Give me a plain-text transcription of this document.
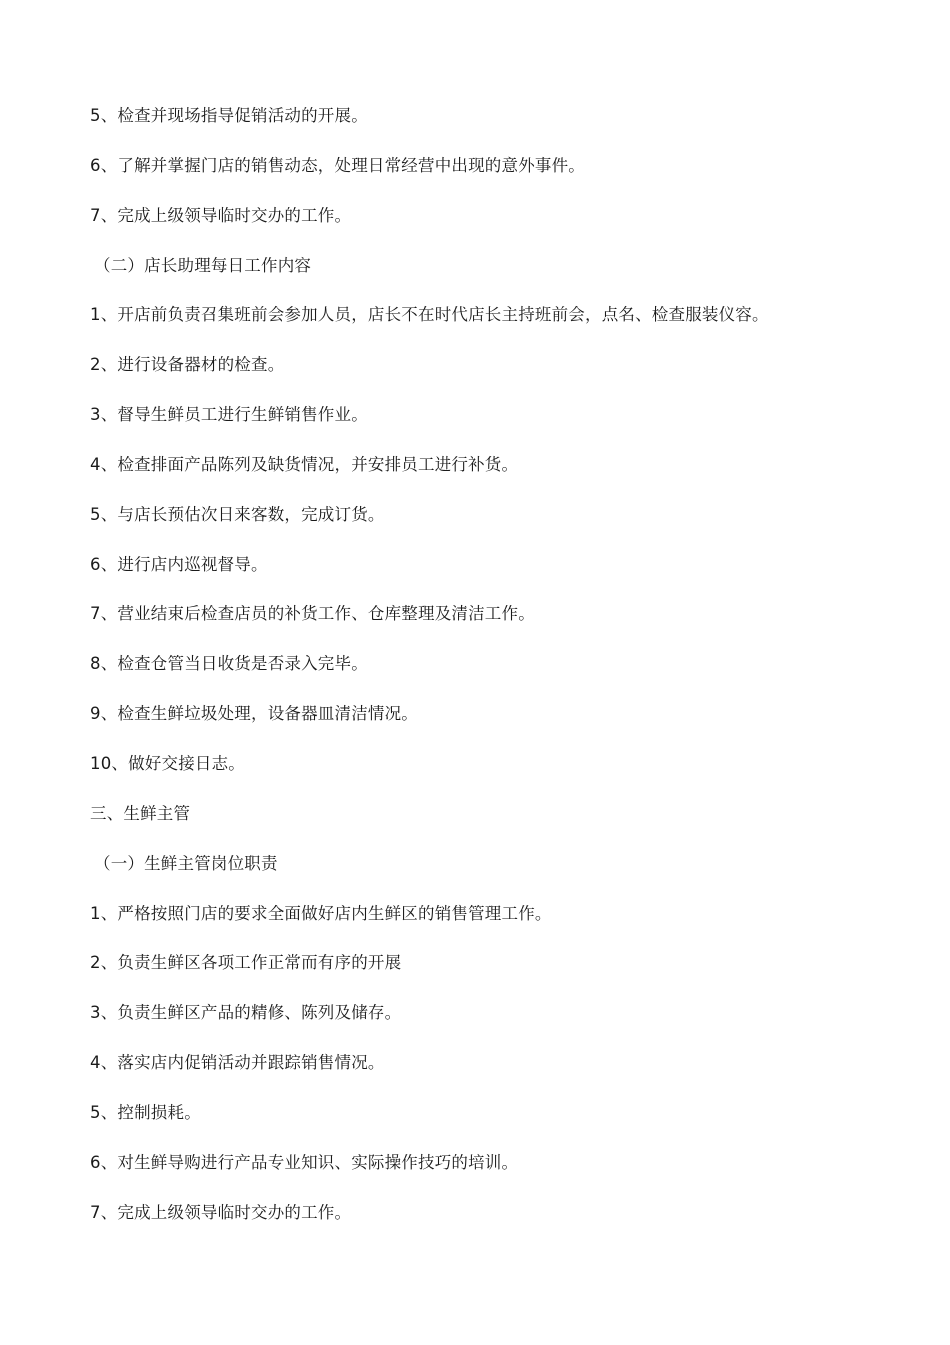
5、检查并现场指导促销活动的开展。
6、了解并掌握门店的销售动态，处理日常经营中出现的意外事件。
7、完成上级领导临时交办的工作。
（二）店长助理每日工作内容
1、开店前负责召集班前会参加人员，店长不在时代店长主持班前会，点名、检查服装仪容。
2、进行设备器材的检查。
3、督导生鲜员工进行生鲜销售作业。
4、检查排面产品陈列及缺货情况，并安排员工进行补货。
5、与店长预估次日来客数，完成订货。
6、进行店内巡视督导。
7、营业结束后检查店员的补货工作、仓库整理及清洁工作。
8、检查仓管当日收货是否录入完毕。
9、检查生鲜垃圾处理，设备器皿清洁情况。
10、做好交接日志。
三、生鲜主管
（一）生鲜主管岗位职责
1、严格按照门店的要求全面做好店内生鲜区的销售管理工作。
2、负责生鲜区各项工作正常而有序的开展
3、负责生鲜区产品的精修、陈列及储存。
4、落实店内促销活动并跟踪销售情况。
5、控制损耗。
6、对生鲜导购进行产品专业知识、实际操作技巧的培训。
7、完成上级领导临时交办的工作。
